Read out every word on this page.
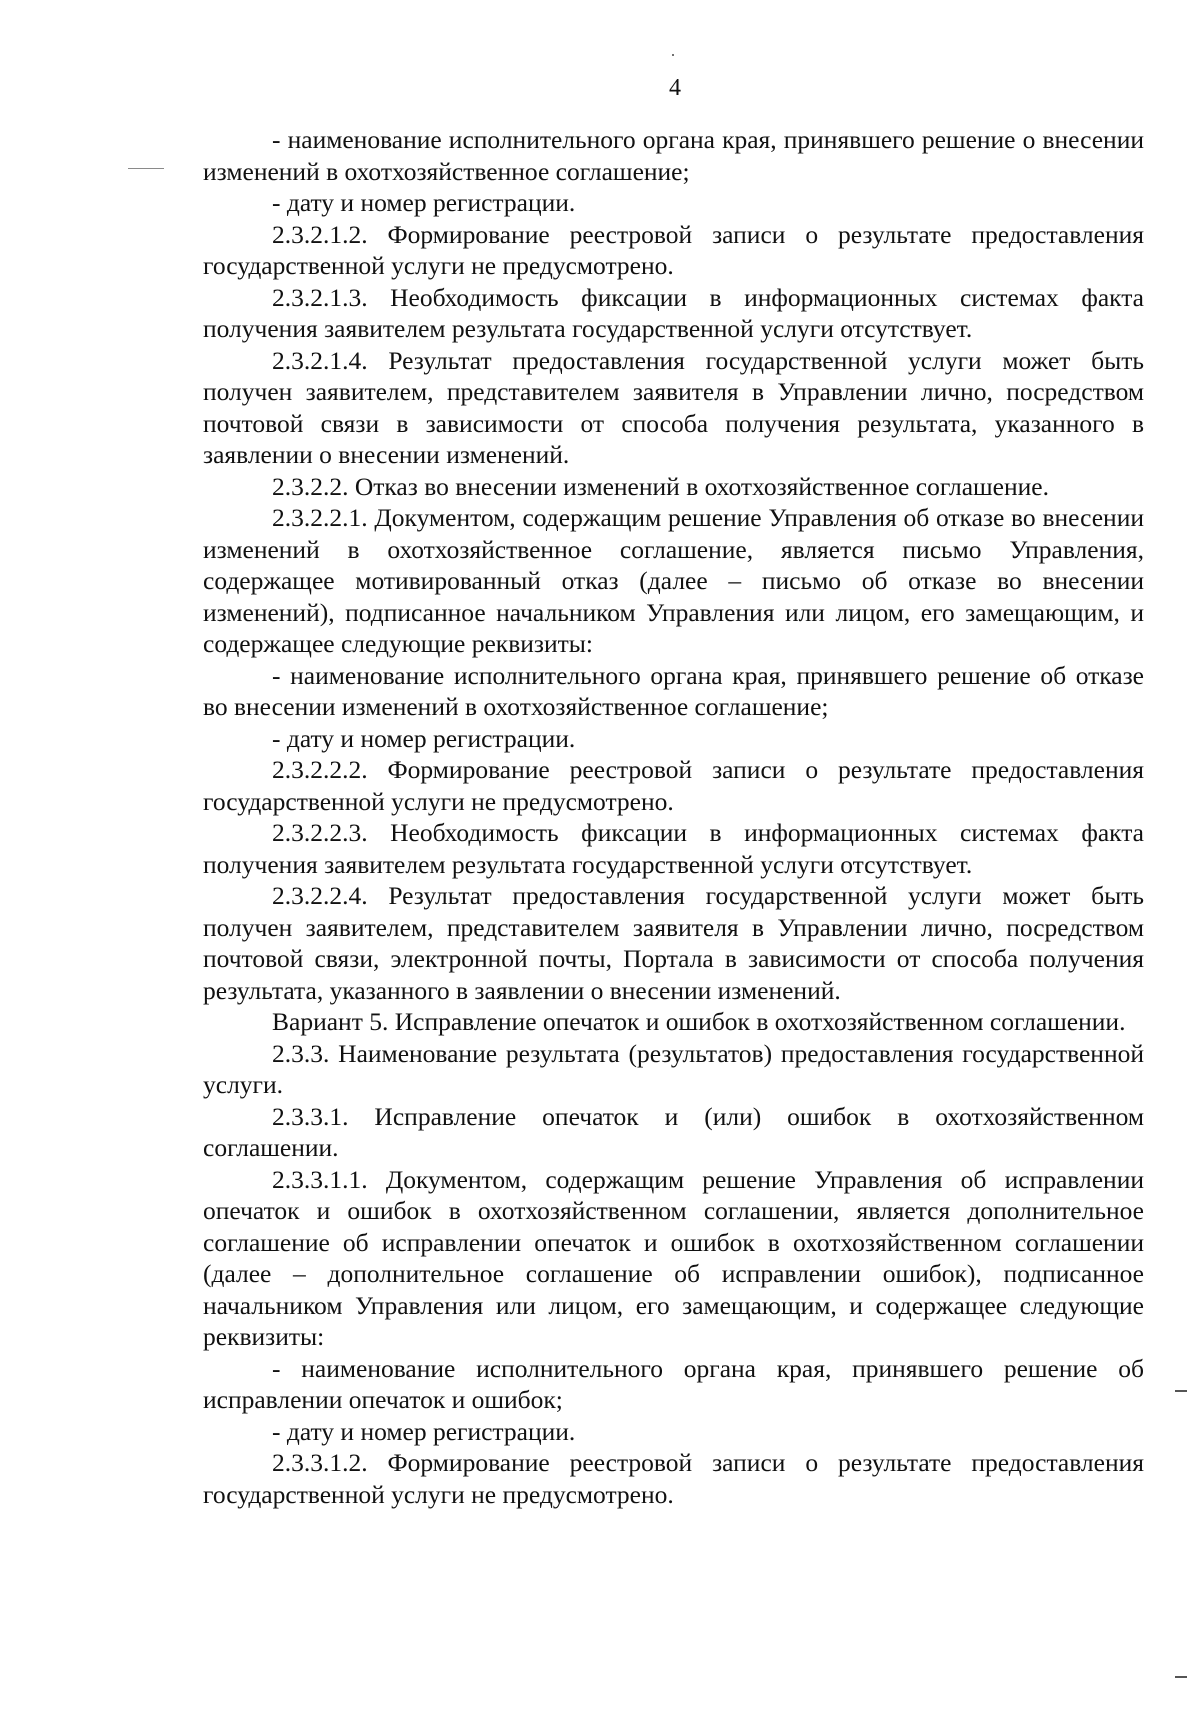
4

- наименование исполнительного органа края, принявшего решение о внесении изменений в охотхозяйственное соглашение;

- дату и номер регистрации.

2.3.2.1.2. Формирование реестровой записи о результате предоставления государственной услуги не предусмотрено.

2.3.2.1.3. Необходимость фиксации в информационных системах факта получения заявителем результата государственной услуги отсутствует.

2.3.2.1.4. Результат предоставления государственной услуги может быть получен заявителем, представителем заявителя в Управлении лично, посредством почтовой связи в зависимости от способа получения результата, указанного в заявлении о внесении изменений.

2.3.2.2. Отказ во внесении изменений в охотхозяйственное соглашение.

2.3.2.2.1. Документом, содержащим решение Управления об отказе во внесении изменений в охотхозяйственное соглашение, является письмо Управления, содержащее мотивированный отказ (далее – письмо об отказе во внесении изменений), подписанное начальником Управления или лицом, его замещающим, и содержащее следующие реквизиты:

- наименование исполнительного органа края, принявшего решение об отказе во внесении изменений в охотхозяйственное соглашение;

- дату и номер регистрации.

2.3.2.2.2. Формирование реестровой записи о результате предоставления государственной услуги не предусмотрено.

2.3.2.2.3. Необходимость фиксации в информационных системах факта получения заявителем результата государственной услуги отсутствует.

2.3.2.2.4. Результат предоставления государственной услуги может быть получен заявителем, представителем заявителя в Управлении лично, посредством почтовой связи, электронной почты, Портала в зависимости от способа получения результата, указанного в заявлении о внесении изменений.

Вариант 5. Исправление опечаток и ошибок в охотхозяйственном соглашении.

2.3.3. Наименование результата (результатов) предоставления государственной услуги.

2.3.3.1. Исправление опечаток и (или) ошибок в охотхозяйственном соглашении.

2.3.3.1.1. Документом, содержащим решение Управления об исправлении опечаток и ошибок в охотхозяйственном соглашении, является дополнительное соглашение об исправлении опечаток и ошибок в охотхозяйственном соглашении (далее – дополнительное соглашение об исправлении ошибок), подписанное начальником Управления или лицом, его замещающим, и содержащее следующие реквизиты:

- наименование исполнительного органа края, принявшего решение об исправлении опечаток и ошибок;

- дату и номер регистрации.

2.3.3.1.2. Формирование реестровой записи о результате предоставления государственной услуги не предусмотрено.
